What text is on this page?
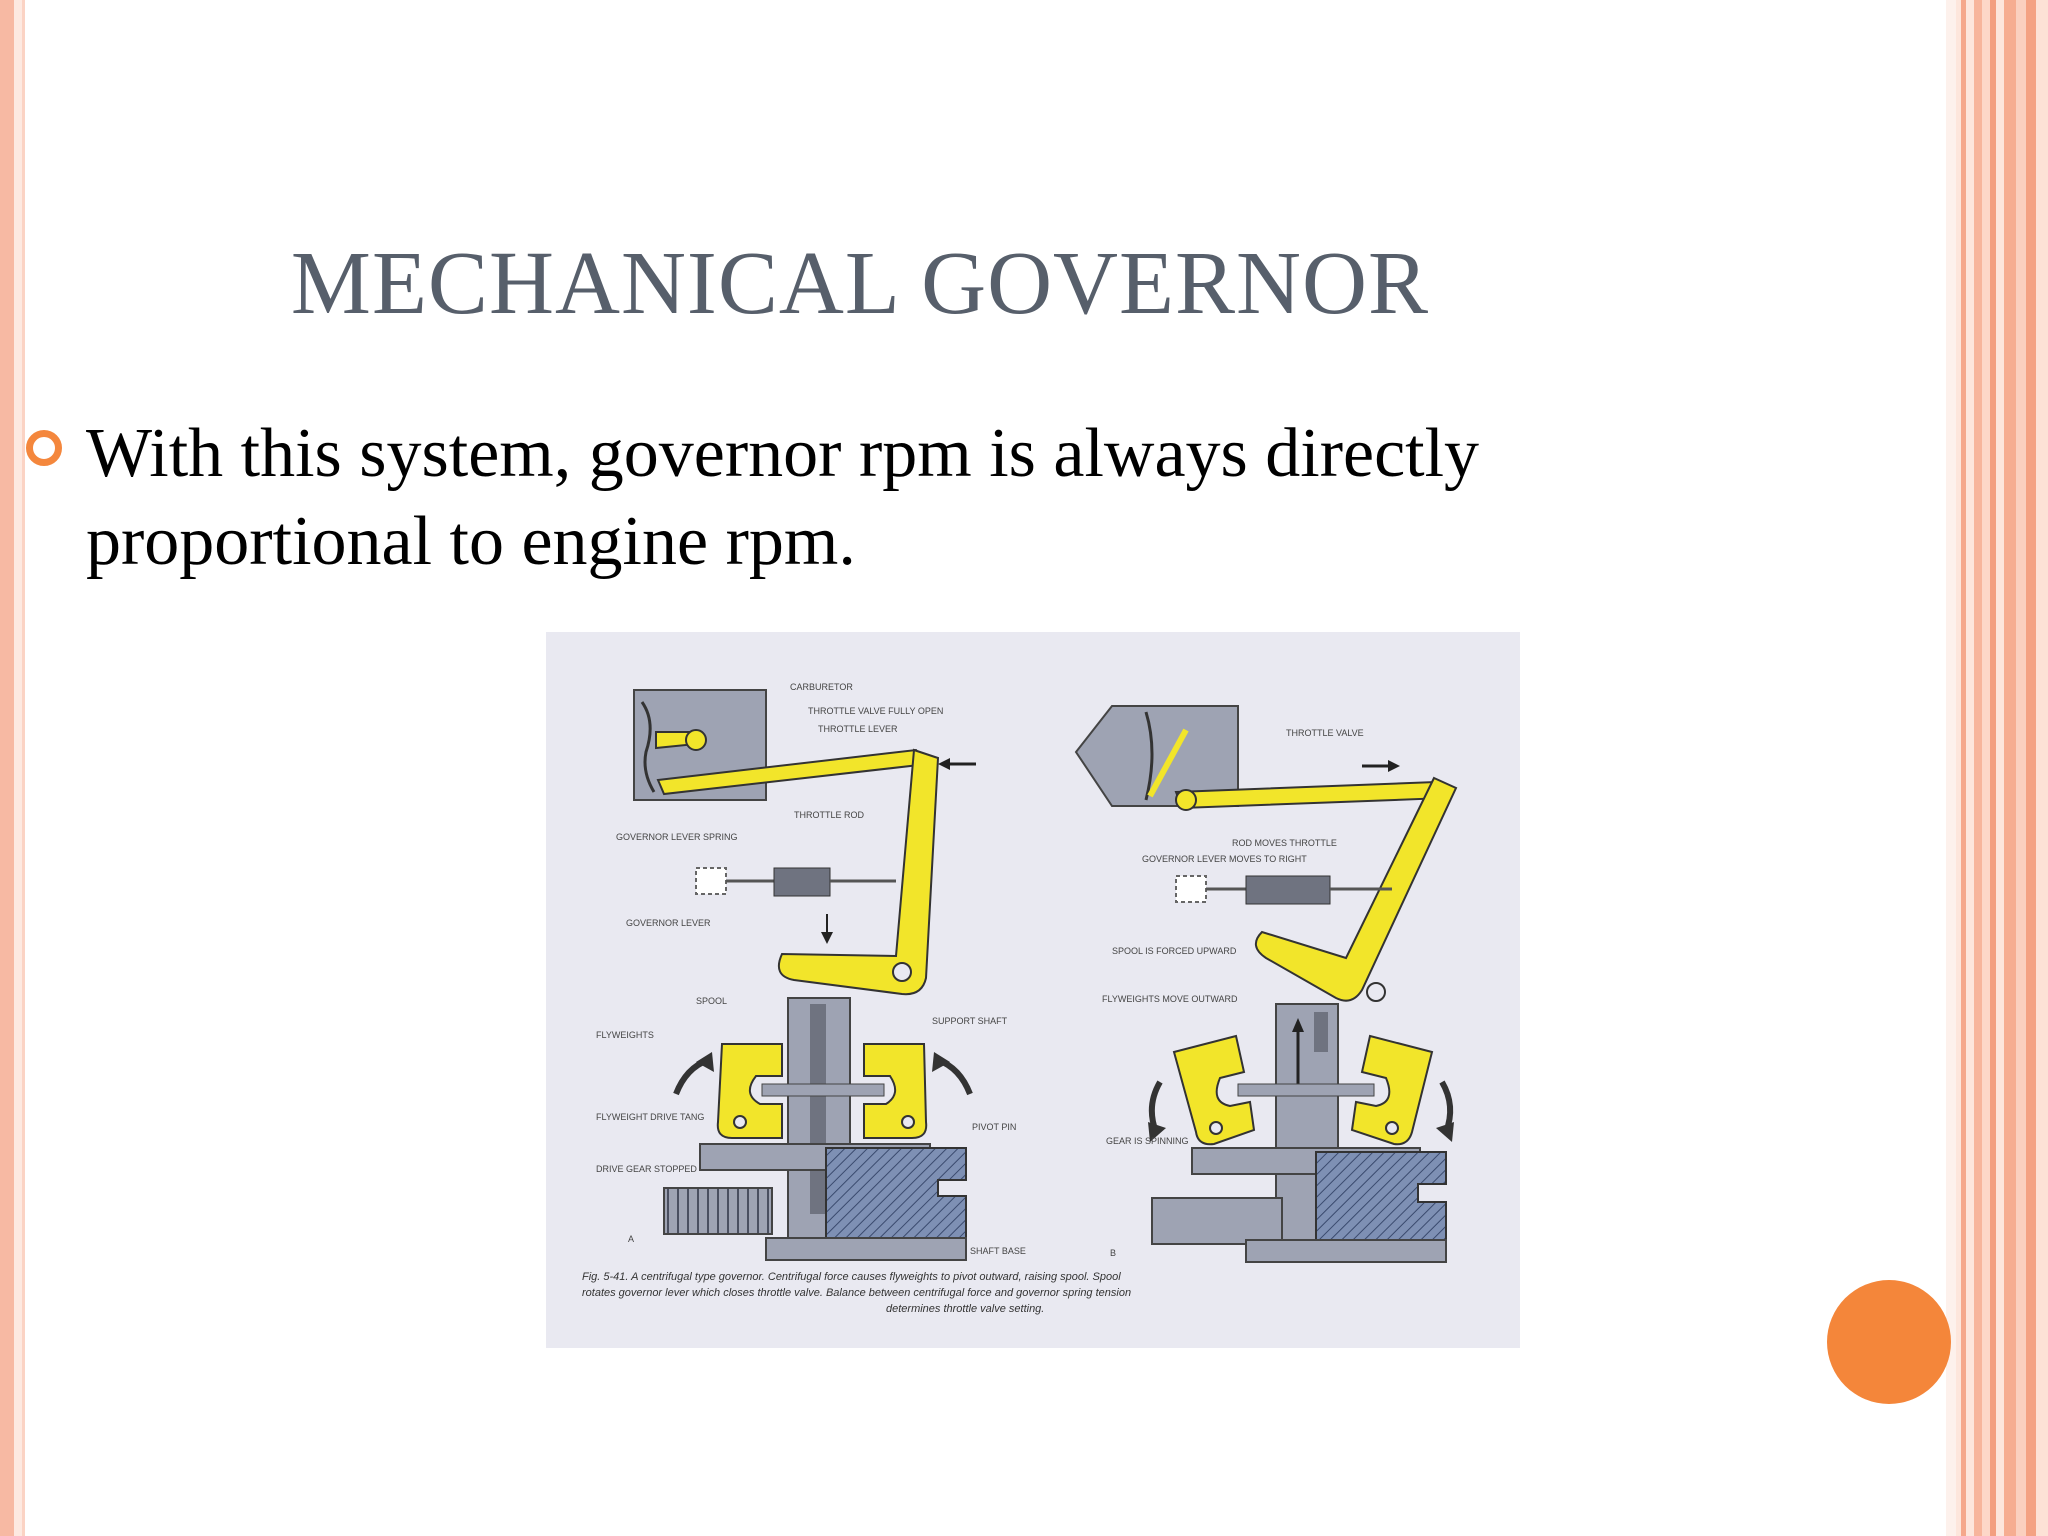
MECHANICAL GOVERNOR
With this system, governor rpm is always directly proportional to engine rpm.
CARBURETOR
THROTTLE VALVE FULLY OPEN
THROTTLE LEVER
THROTTLE ROD
GOVERNOR LEVER SPRING
GOVERNOR LEVER
SPOOL
SUPPORT SHAFT
FLYWEIGHTS
FLYWEIGHT DRIVE TANG
PIVOT PIN
DRIVE GEAR STOPPED
SHAFT BASE
A
THROTTLE VALVE
ROD MOVES THROTTLE
GOVERNOR LEVER MOVES TO RIGHT
SPOOL IS FORCED UPWARD
FLYWEIGHTS MOVE OUTWARD
GEAR IS SPINNING
B
Fig. 5-41. A centrifugal type governor. Centrifugal force causes flyweights to pivot outward, raising spool. Spool
rotates governor lever which closes throttle valve. Balance between centrifugal force and governor spring tension
determines throttle valve setting.
